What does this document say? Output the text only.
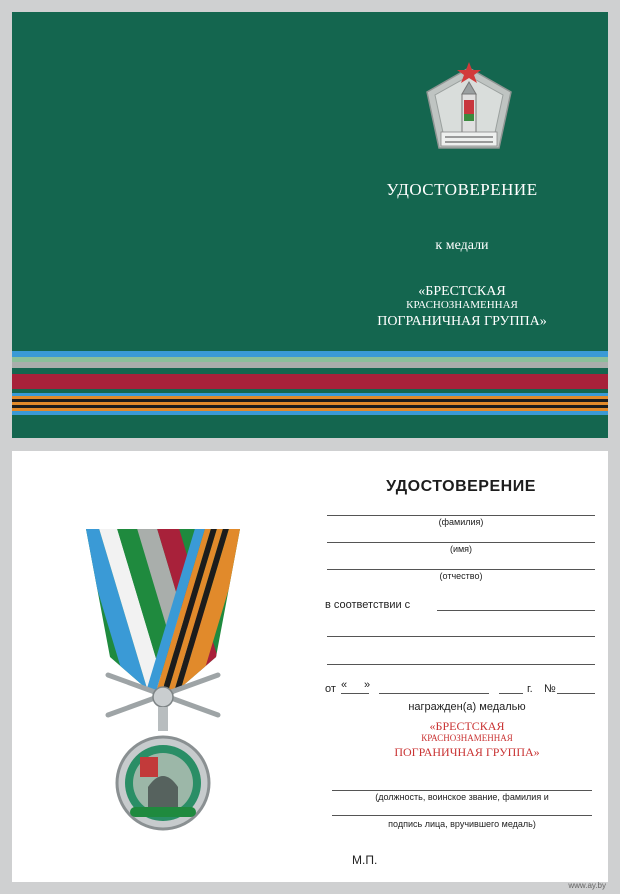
УДОСТОВЕРЕНИЕ
к медали
«БРЕСТСКАЯ
КРАСНОЗНАМЕННАЯ
ПОГРАНИЧНАЯ ГРУППА»
УДОСТОВЕРЕНИЕ
(фамилия)
(имя)
(отчество)
в соответствии с
от « »	г. №
награжден(а) медалью
«БРЕСТСКАЯ
КРАСНОЗНАМЕННАЯ
ПОГРАНИЧНАЯ ГРУППА»
(должность, воинское звание, фамилия и
подпись лица, вручившего медаль)
М.П.
www.ay.by
